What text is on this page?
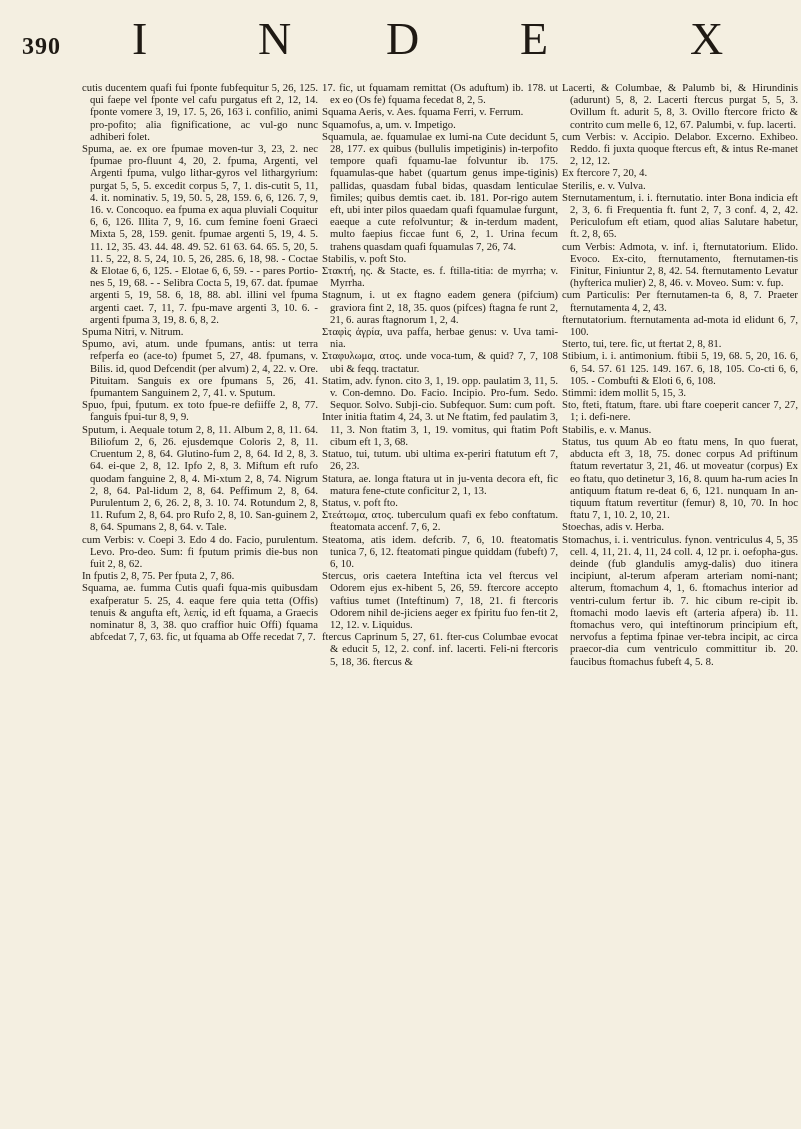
390 I N D E	X

cutis ducentem quafi fui fponte fubfequitur 5, 26, 125. qui faepe vel fponte vel cafu purgatus eft 2, 12, 14. fponte vomere 3, 19, 17. 5, 26, 163 i. confilio, animi pro-pofito; alia fignificatione, ac vul-go nunc adhiberi folet.

Spuma, ae. ex ore fpumae moven-tur 3, 23, 2. nec fpumae pro-fluunt 4, 20, 2. fpuma, Argenti, vel Argenti fpuma, vulgo lithar-gyros vel lithargyrium: purgat 5, 5, 5. excedit corpus 5, 7, 1. dis-cutit 5, 11, 4. it. nominativ. 5, 19, 50. 5, 28, 159. 6, 6, 126. 7, 9, 16. v. Concoquo. ea fpuma ex aqua pluviali Coquitur 6, 6, 126. Illita 7, 9, 16. cum femine foeni Graeci Mixta 5, 28, 159. genit. fpumae argenti 5, 19, 4. 5. 11. 12, 35. 43. 44. 48. 49. 52. 61 63. 64. 65. 5, 20, 5. 11. 5, 22, 8. 5, 24, 10. 5, 26, 285. 6, 18, 98. - Coctae & Elotae 6, 6, 125. - Elotae 6, 6, 59. - - pares Portio-nes 5, 19, 68. - - Selibra Cocta 5, 19, 67. dat. fpumae argenti 5, 19, 58. 6, 18, 88. abl. illini vel fpuma argenti caet. 7, 11, 7. fpu-mave argenti 3, 10. 6. - argenti fpuma 3, 19, 8. 6, 8, 2.

Spuma Nitri, v. Nitrum.

Spumo, avi, atum. unde fpumans, antis: ut terra refperfa eo (ace-to) fpumet 5, 27, 48. fpumans, v. Bilis. id, quod Defcendit (per alvum) 2, 4, 22. v. Ore. Pituitam. Sanguis ex ore fpumans 5, 26, 41. fpumantem Sanguinem 2, 7, 41. v. Sputum.

Spuo, fpui, fputum. ex toto fpue-re defiiffe 2, 8, 77. fanguis fpui-tur 8, 9, 9.

Sputum, i. Aequale totum 2, 8, 11. Album 2, 8, 11. 64. Biliofum 2, 6, 26. ejusdemque Coloris 2, 8, 11. Cruentum 2, 8, 64. Glutino-fum 2, 8, 64. Id 2, 8, 3. 64. ei-que 2, 8, 12. Ipfo 2, 8, 3. Miftum eft rufo quodam fanguine 2, 8, 4. Mi-xtum 2, 8, 74. Nigrum 2, 8, 64. Pal-lidum 2, 8, 64. Peffimum 2, 8, 64. Purulentum 2, 6, 26. 2, 8, 3. 10. 74. Rotundum 2, 8, 11. Rufum 2, 8, 64. pro Rufo 2, 8, 10. San-guinem 2, 8, 64. Spumans 2, 8, 64. v. Tale.

cum Verbis: v. Coepi 3. Edo 4 do. Facio, purulentum. Levo. Pro-deo. Sum: fi fputum primis die-bus non fuit 2, 8, 62.

In fputis 2, 8, 75. Per fputa 2, 7, 86.

Squama, ae. fumma Cutis quafi fqua-mis quibusdam exafperatur 5. 25, 4. eaque fere quia tetta (Offis) tenuis & angufta eft, λεπίς, id eft fquama, a Graecis nominatur 8, 3, 38. quo craffior huic Offi) fquama abfcedat 7, 7, 63. fic, ut fquama ab Offe recedat 7, 7.

17. fic, ut fquamam remittat (Os aduftum) ib. 178. ut ex eo (Os fe) fquama fecedat 8, 2, 5.

Squama Aeris, v. Aes. fquama Ferri, v. Ferrum.

Squamofus, a, um. v. Impetigo.

Squamula, ae. fquamulae ex lumi-na Cute decidunt 5, 28, 177. ex quibus (bullulis impetiginis) in-terpofito tempore quafi fquamu-lae folvuntur ib. 175. fquamulas-que habet (quartum genus impe-tiginis) pallidas, quasdam fubal bidas, quasdam lenticulae fimiles; quibus demtis caet. ib. 181. Por-rigo autem eft, ubi inter pilos quaedam quafi fquamulae furgunt, eaeque a cute refolvuntur; & in-terdum madent, multo faepius ficcae funt 6, 2, 1. Urina fecum trahens quasdam quafi fquamulas 7, 26, 74.

Stabilis, v. poft Sto.

Στακτή, ης. & Stacte, es. f. ftilla-titia: de myrrha; v. Myrrha.

Stagnum, i. ut ex ftagno eadem genera (pifcium) graviora fint 2, 18, 35. quos (pifces) ftagna fe runt 2, 21, 6. auras ftagnorum 1, 2, 4.

Σταφὶς ἀγρία, uva paffa, herbae genus: v. Uva tami-nia.

Σταφυλωμα, ατος. unde voca-tum, & quid? 7, 7, 108 ubi & feqq. tractatur.

Statim, adv. fynon. cito 3, 1, 19. opp. paulatim 3, 11, 5. v. Con-demno. Do. Facio. Incipio. Pro-fum. Sedo. Sequor. Solvo. Subji-cio. Subfequor. Sum: cum poft.

Inter initia ftatim 4, 24, 3. ut Ne ftatim, fed paulatim 3, 11, 3. Non ftatim 3, 1, 19. vomitus, qui ftatim Poft cibum eft 1, 3, 68.

Statuo, tui, tutum. ubi ultima ex-periri ftatutum eft 7, 26, 23.

Statura, ae. longa ftatura ut in ju-venta decora eft, fic matura fene-ctute conficitur 2, 1, 13.

Status, v. poft fto.

Στεάτωμα, ατος. tuberculum quafi ex febo conftatum. fteatomata accenf. 7, 6, 2.

Steatoma, atis idem. defcrib. 7, 6, 10. fteatomatis tunica 7, 6, 12. fteatomati pingue quiddam (fubeft) 7, 6, 10.

Stercus, oris caetera Inteftina icta vel ftercus vel Odorem ejus ex-hibent 5, 26, 59. ftercore accepto vaftius tumet (Inteftinum) 7, 18, 21. fi ftercoris Odorem nihil de-jiciens aeger ex fpiritu fuo fen-tit 2, 12, 12. v. Liquidus.

ftercus Caprinum 5, 27, 61. fter-cus Columbae evocat & educit 5, 12, 2. conf. inf. lacerti. Feli-ni ftercoris 5, 18, 36. ftercus &

Lacerti, & Columbae, & Palumb bi, & Hirundinis (adurunt) 5, 8, 2. Lacerti ftercus purgat 5, 5, 3. Ovillum ft. adurit 5, 8, 3. Ovillo ftercore fricto & contrito cum melle 6, 12, 67. Palumbi, v. fup. lacerti.

cum Verbis: v. Accipio. Delabor. Excerno. Exhibeo. Reddo. fi juxta quoque ftercus eft, & intus Re-manet 2, 12, 12.

Ex ftercore 7, 20, 4.

Sterilis, e. v. Vulva.

Sternutamentum, i. i. fternutatio. inter Bona indicia eft 2, 3, 6. fi Frequentia ft. funt 2, 7, 3 conf. 4, 2, 42. Periculofum eft etiam, quod alias Salutare habetur, ft. 2, 8, 65.

cum Verbis: Admota, v. inf. i, fternutatorium. Elido. Evoco. Ex-cito, fternutamento, fternutamen-tis Finitur, Finiuntur 2, 8, 42. 54. fternutamento Levatur (hyfterica mulier) 2, 8, 46. v. Moveo. Sum: v. fup.

cum Particulis: Per fternutamen-ta 6, 8, 7. Praeter fternutamenta 4, 2, 43.

fternutatorium. fternutamenta ad-mota id elidunt 6, 7, 100.

Sterto, tui, tere. fic, ut ftertat 2, 8, 81.

Stibium, i. i. antimonium. ftibii 5, 19, 68. 5, 20, 16. 6, 6, 54. 57. 61 125. 149. 167. 6, 18, 105. Co-cti 6, 6, 105. - Combufti & Eloti 6, 6, 108.

Stimmi: idem mollit 5, 15, 3.

Sto, fteti, ftatum, ftare. ubi ftare coeperit cancer 7, 27, 1; i. defi-nere.

Stabilis, e. v. Manus.

Status, tus quum Ab eo ftatu mens, In quo fuerat, abducta eft 3, 18, 75. donec corpus Ad priftinum ftatum revertatur 3, 21, 46. ut moveatur (corpus) Ex eo ftatu, quo detinetur 3, 16, 8. quum ha-rum acies In antiquum ftatum re-deat 6, 6, 121. nunquam In an-tiquum ftatum revertitur (femur) 8, 10, 70. In hoc ftatu 7, 1, 10. 2, 10, 21.

Stoechas, adis v. Herba.

Stomachus, i. i. ventriculus. fynon. ventriculus 4, 5, 35 cell. 4, 11, 21. 4, 11, 24 coll. 4, 12 pr. i. oefopha-gus. deinde (fub glandulis amyg-dalis) duo itinera incipiunt, al-terum afperam arteriam nomi-nant; alterum, ftomachum 4, 1, 6. ftomachus interior ad ventri-culum fertur ib. 7. hic cibum re-cipit ib. ftomachi modo laevis eft (arteria afpera) ib. 11. ftomachus vero, qui inteftinorum principium eft, nervofus a feptima fpinae ver-tebra incipit, ac circa praecor-dia cum ventriculo committitur ib. 20. faucibus ftomachus fubeft 4, 5. 8.
